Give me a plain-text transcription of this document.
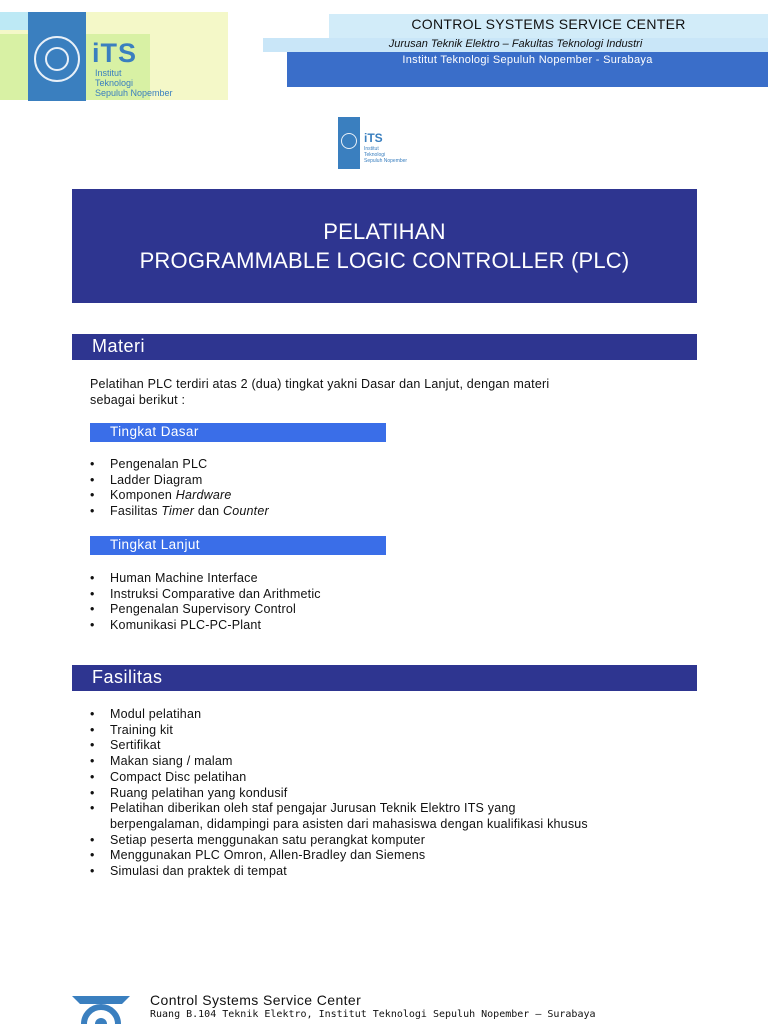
iTS
Institut
Teknologi
Sepuluh Nopember
CONTROL SYSTEMS SERVICE CENTER
Jurusan Teknik Elektro – Fakultas Teknologi Industri
Institut Teknologi Sepuluh Nopember - Surabaya
iTS
Institut
Teknologi
Sepuluh Nopember
PELATIHAN
PROGRAMMABLE LOGIC CONTROLLER (PLC)
Materi
Pelatihan PLC terdiri atas 2 (dua) tingkat yakni Dasar dan Lanjut, dengan materi
sebagai berikut :
Tingkat Dasar
• Pengenalan PLC
• Ladder Diagram
• Komponen Hardware
• Fasilitas Timer dan Counter
Tingkat Lanjut
• Human Machine Interface
• Instruksi Comparative dan Arithmetic
• Pengenalan Supervisory Control
• Komunikasi PLC-PC-Plant
Fasilitas
• Modul pelatihan
• Training kit
• Sertifikat
• Makan siang / malam
• Compact Disc pelatihan
• Ruang pelatihan yang kondusif
• Pelatihan diberikan oleh staf pengajar Jurusan Teknik Elektro ITS yang
berpengalaman, didampingi para asisten dari mahasiswa dengan kualifikasi khusus
• Setiap peserta menggunakan satu perangkat komputer
• Menggunakan PLC Omron, Allen-Bradley dan Siemens
• Simulasi dan praktek di tempat
Control Systems Service Center
Ruang B.104 Teknik Elektro, Institut Teknologi Sepuluh Nopember – Surabaya
